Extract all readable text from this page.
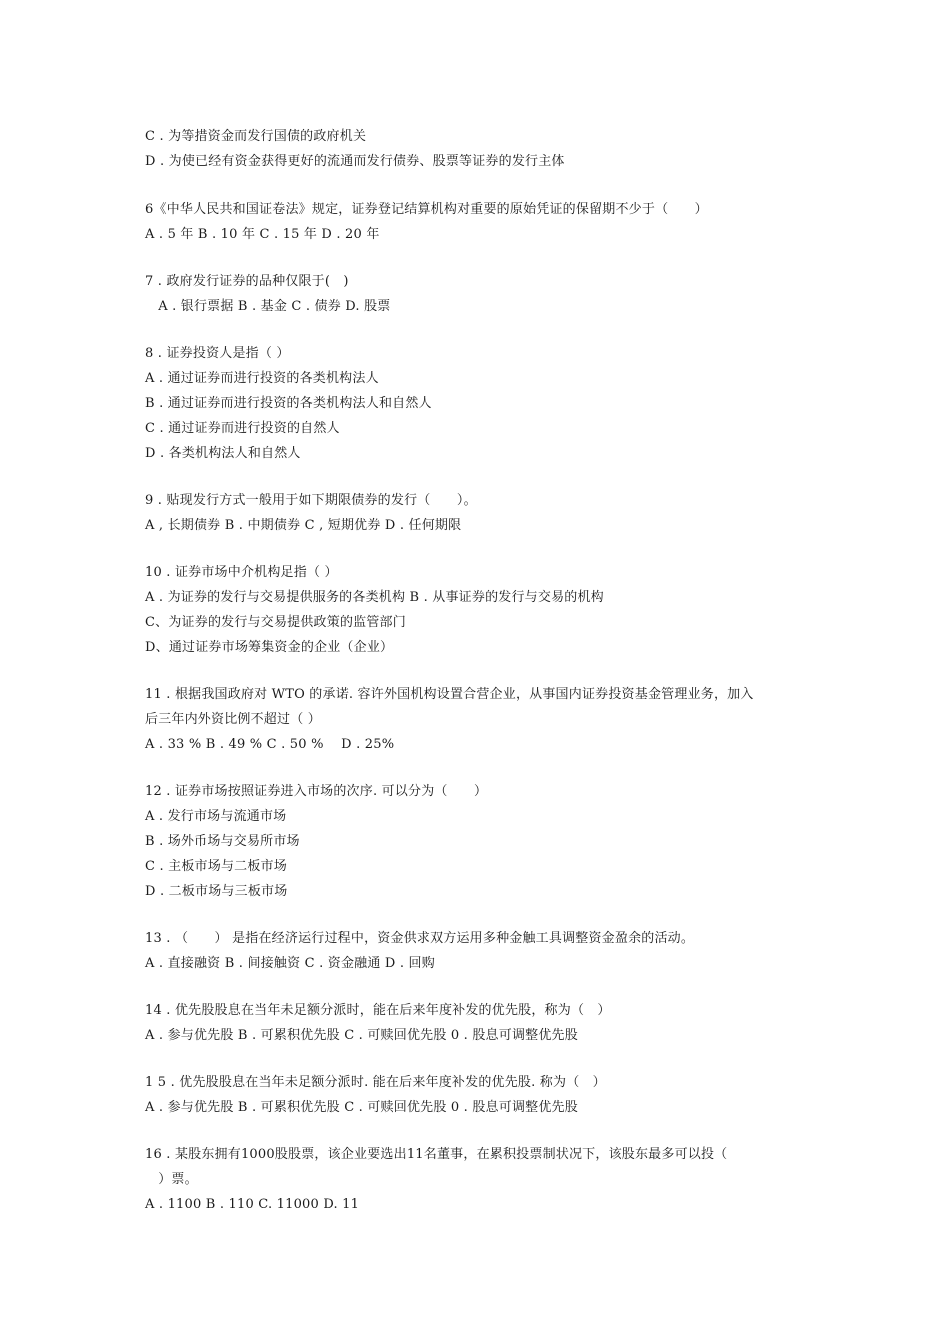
C . 为等措资金而发行国债的政府机关
D . 为使已经有资金获得更好的流通而发行债券、股票等证券的发行主体
6《中华人民共和国证卷法》规定，证券登记结算机构对重要的原始凭证的保留期不少于（　　）
A . 5 年 B . 10 年 C . 15 年 D . 20 年
7 . 政府发行证券的品种仅限于(　)
　A . 银行票据 B . 基金 C . 债券 D. 股票
8 . 证券投资人是指（ ）
A . 通过证券而进行投资的各类机构法人
B . 通过证券而进行投资的各类机构法人和自然人
C . 通过证券而进行投资的自然人
D . 各类机构法人和自然人
9 . 贴现发行方式一般用于如下期限债券的发行（　　）。
A , 长期债券 B . 中期债券 C , 短期优券 D . 任何期限
10 . 证券市场中介机构足指（ ）
A . 为证券的发行与交易提供服务的各类机构 B . 从事证券的发行与交易的机构
C、为证券的发行与交易提供政策的监管部门
D、通过证券市场筹集资金的企业（企业）
11 . 根据我国政府对 WTO 的承诺. 容许外国机构设置合营企业，从事国内证券投资基金管理业务，加入
后三年内外资比例不超过（ ）
A . 33 % B . 49 % C . 50 %　 D . 25%
12 . 证券市场按照证券进入市场的次序. 可以分为（　　）
A . 发行市场与流通市场
B . 场外币场与交易所市场
C . 主板市场与二板市场
D . 二板市场与三板市场
13 . （　　） 是指在经济运行过程中，资金供求双方运用多种金触工具调整资金盈余的活动。
A . 直接融资 B . 间接触资 C . 资金融通 D . 回购
14 . 优先股股息在当年未足额分派时，能在后来年度补发的优先股，称为（　）
A . 参与优先股 B . 可累积优先股 C . 可赎回优先股 0 . 股息可调整优先股
1 5 . 优先股股息在当年未足额分派时. 能在后来年度补发的优先股. 称为（　）
A . 参与优先股 B . 可累积优先股 C . 可赎回优先股 0 . 股息可调整优先股
16 . 某股东拥有1000股股票，该企业要选出11名董事，在累积投票制状况下，该股东最多可以投（
　）票。
A . 1100 B . 110 C. 11000 D. 11
